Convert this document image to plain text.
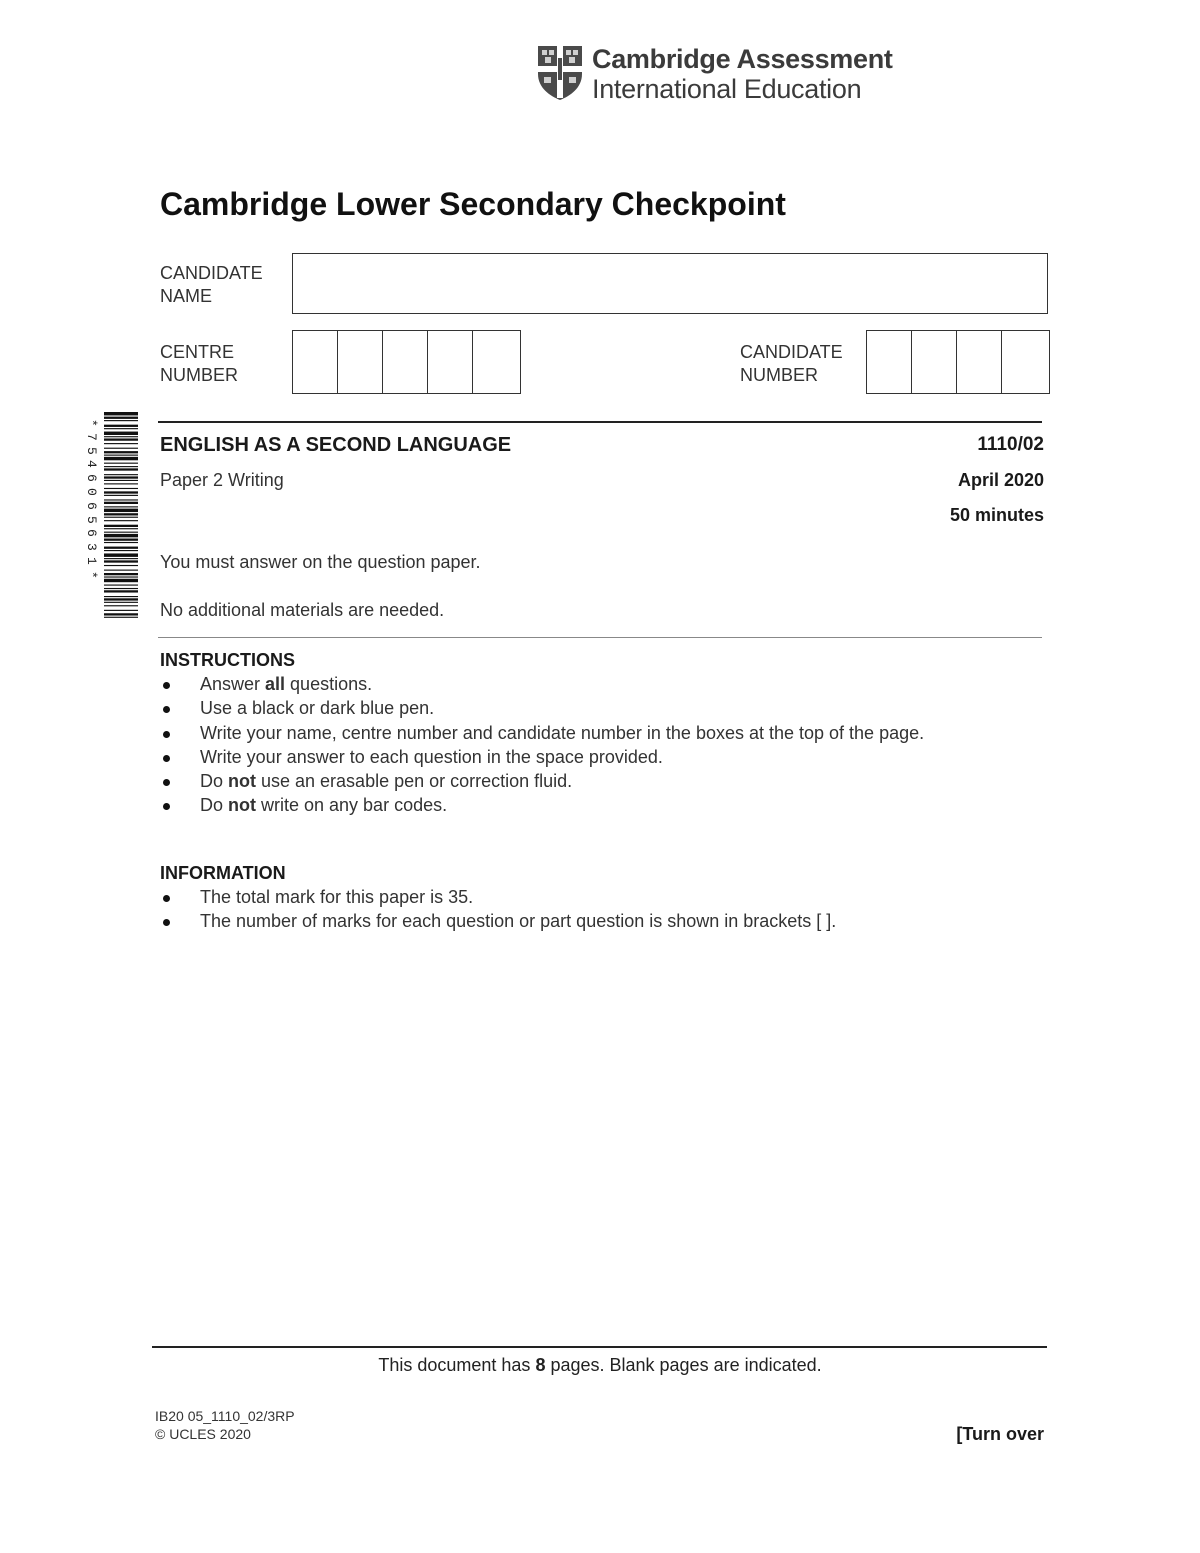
Cambridge Assessment
International Education
Cambridge Lower Secondary Checkpoint
CANDIDATE
NAME
CENTRE
NUMBER
CANDIDATE
NUMBER
*
7
5
4
6
0
6
5
6
3
1
*
ENGLISH AS A SECOND LANGUAGE	1110/02
Paper 2 Writing	April 2020
50 minutes
You must answer on the question paper.
No additional materials are needed.
INSTRUCTIONS
Answer all questions.
Use a black or dark blue pen.
Write your name, centre number and candidate number in the boxes at the top of the page.
Write your answer to each question in the space provided.
Do not use an erasable pen or correction fluid.
Do not write on any bar codes.
INFORMATION
The total mark for this paper is 35.
The number of marks for each question or part question is shown in brackets [ ].
This document has 8 pages. Blank pages are indicated.
IB20 05_1110_02/3RP
© UCLES 2020	[Turn over
